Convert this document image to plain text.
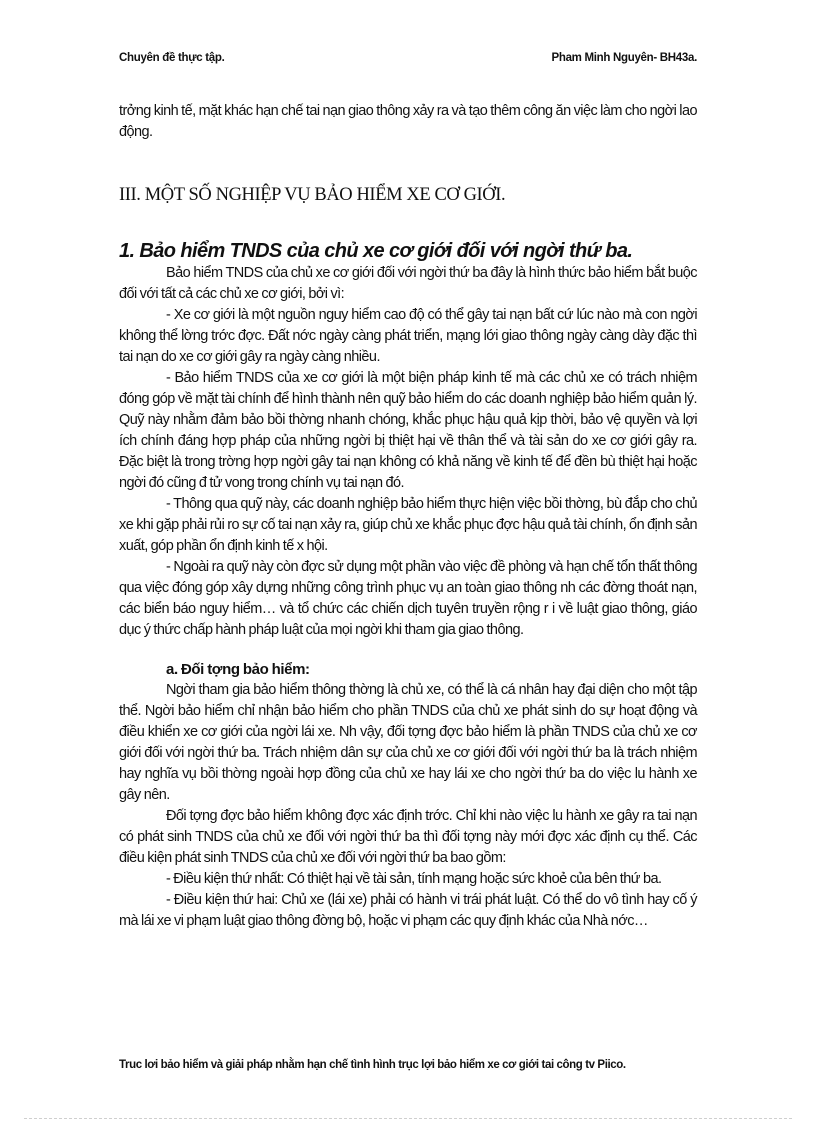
Chuyên đề thực tập.	Pham Minh Nguyên- BH43a.

trởng kinh tế, mặt khác hạn chế tai nạn giao thông xảy ra và tạo thêm công ăn việc làm cho ngời lao động.

III. MỘT SỐ NGHIỆP VỤ BẢO HIỂM XE CƠ GIỚI.
1. Bảo hiểm TNDS của chủ xe cơ giới đối với ngời thứ ba.

Bảo hiểm TNDS của chủ xe cơ giới đối với ngời thứ ba đây là hình thức bảo hiểm bắt buộc đối với tất cả các chủ xe cơ giới, bởi vì:

- Xe cơ giới là một nguồn nguy hiểm cao độ có thể gây tai nạn bất cứ lúc nào mà con ngời không thể lờng trớc đợc. Đất nớc ngày càng phát triển, mạng lới giao thông ngày càng dày đặc thì tai nạn do xe cơ giới gây ra ngày càng nhiều.

- Bảo hiểm TNDS của xe cơ giới là một biện pháp kinh tế mà các chủ xe có trách nhiệm đóng góp về mặt tài chính để hình thành nên quỹ bảo hiểm do các doanh nghiệp bảo hiểm quản lý. Quỹ này nhằm đảm bảo bồi thờng nhanh chóng, khắc phục hậu quả kịp thời, bảo vệ quyền và lợi ích chính đáng hợp pháp của những ngời bị thiệt hại về thân thể và tài sản do xe cơ giới gây ra. Đặc biệt là trong trờng hợp ngời gây tai nạn không có khả năng về kinh tế để đền bù thiệt hại hoặc ngời đó cũng đ tử vong trong chính vụ tai nạn đó.

- Thông qua quỹ này, các doanh nghiệp bảo hiểm thực hiện việc bồi thờng, bù đắp cho chủ xe khi gặp phải rủi ro sự cố tai nạn xảy ra, giúp chủ xe khắc phục đợc hậu quả tài chính, ổn định sản xuất, góp phần ổn định kinh tế x hội.

- Ngoài ra quỹ này còn đợc sử dụng một phần vào việc đề phòng và hạn chế tổn thất thông qua việc đóng góp xây dựng những công trình phục vụ an toàn giao thông nh các đờng thoát nạn, các biển báo nguy hiểm… và tổ chức các chiến dịch tuyên truyền rộng r i về luật giao thông, giáo dục ý thức chấp hành pháp luật của mọi ngời khi tham gia giao thông.

a. Đối tợng bảo hiểm:

Ngời tham gia bảo hiểm thông thờng là chủ xe, có thể là cá nhân hay đại diện cho một tập thể. Ngời bảo hiểm chỉ nhận bảo hiểm cho phần TNDS của chủ xe phát sinh do sự hoạt động và điều khiển xe cơ giới của ngời lái xe. Nh vậy, đối tợng đợc bảo hiểm là phần TNDS của chủ xe cơ giới đối với ngời thứ ba. Trách nhiệm dân sự của chủ xe cơ giới đối với ngời thứ ba là trách nhiệm hay nghĩa vụ bồi thờng ngoài hợp đồng của chủ xe hay lái xe cho ngời thứ ba do việc lu hành xe gây nên.

Đối tợng đợc bảo hiểm không đợc xác định trớc. Chỉ khi nào việc lu hành xe gây ra tai nạn có phát sinh TNDS của chủ xe đối với ngời thứ ba thì đối tợng này mới đợc xác định cụ thể. Các điều kiện phát sinh TNDS của chủ xe đối với ngời thứ ba bao gồm:

- Điều kiện thứ nhất: Có thiệt hại về tài sản, tính mạng hoặc sức khoẻ của bên thứ ba.

- Điều kiện thứ hai: Chủ xe (lái xe) phải có hành vi trái phát luật. Có thể do vô tình hay cố ý mà lái xe vi phạm luật giao thông đờng bộ, hoặc vi phạm các quy định khác của Nhà nớc…

Truc lơi bảo hiểm và giải pháp nhằm hạn chế tình hình trục lợi bảo hiểm xe cơ giới tai công tv Piico.
